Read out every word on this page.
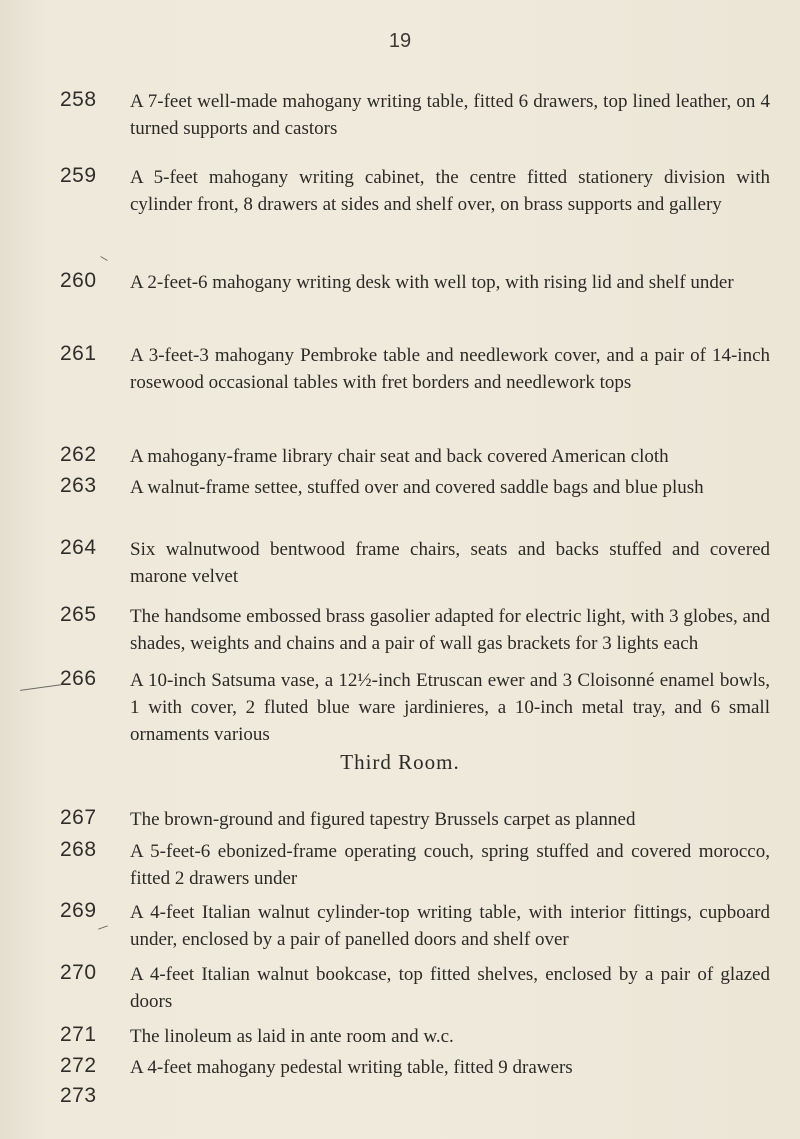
19
258	A 7-feet well-made mahogany writing table, fitted 6 drawers, top lined leather, on 4 turned supports and castors
259	A 5-feet mahogany writing cabinet, the centre fitted stationery division with cylinder front, 8 drawers at sides and shelf over, on brass supports and gallery
260	A 2-feet-6 mahogany writing desk with well top, with rising lid and shelf under
261	A 3-feet-3 mahogany Pembroke table and needlework cover, and a pair of 14-inch rosewood occasional tables with fret borders and needlework tops
262	A mahogany-frame library chair seat and back covered American cloth
263	A walnut-frame settee, stuffed over and covered saddle bags and blue plush
264	Six walnutwood bentwood frame chairs, seats and backs stuffed and covered marone velvet
265	The handsome embossed brass gasolier adapted for electric light, with 3 globes, and shades, weights and chains and a pair of wall gas brackets for 3 lights each
266	A 10-inch Satsuma vase, a 12½-inch Etruscan ewer and 3 Cloisonné enamel bowls, 1 with cover, 2 fluted blue ware jardinieres, a 10-inch metal tray, and 6 small ornaments various
Third Room.
267	The brown-ground and figured tapestry Brussels carpet as planned
268	A 5-feet-6 ebonized-frame operating couch, spring stuffed and covered morocco, fitted 2 drawers under
269	A 4-feet Italian walnut cylinder-top writing table, with interior fittings, cupboard under, enclosed by a pair of panelled doors and shelf over
270	A 4-feet Italian walnut bookcase, top fitted shelves, enclosed by a pair of glazed doors
271	The linoleum as laid in ante room and w.c.
272	A 4-feet mahogany pedestal writing table, fitted 9 drawers
273
